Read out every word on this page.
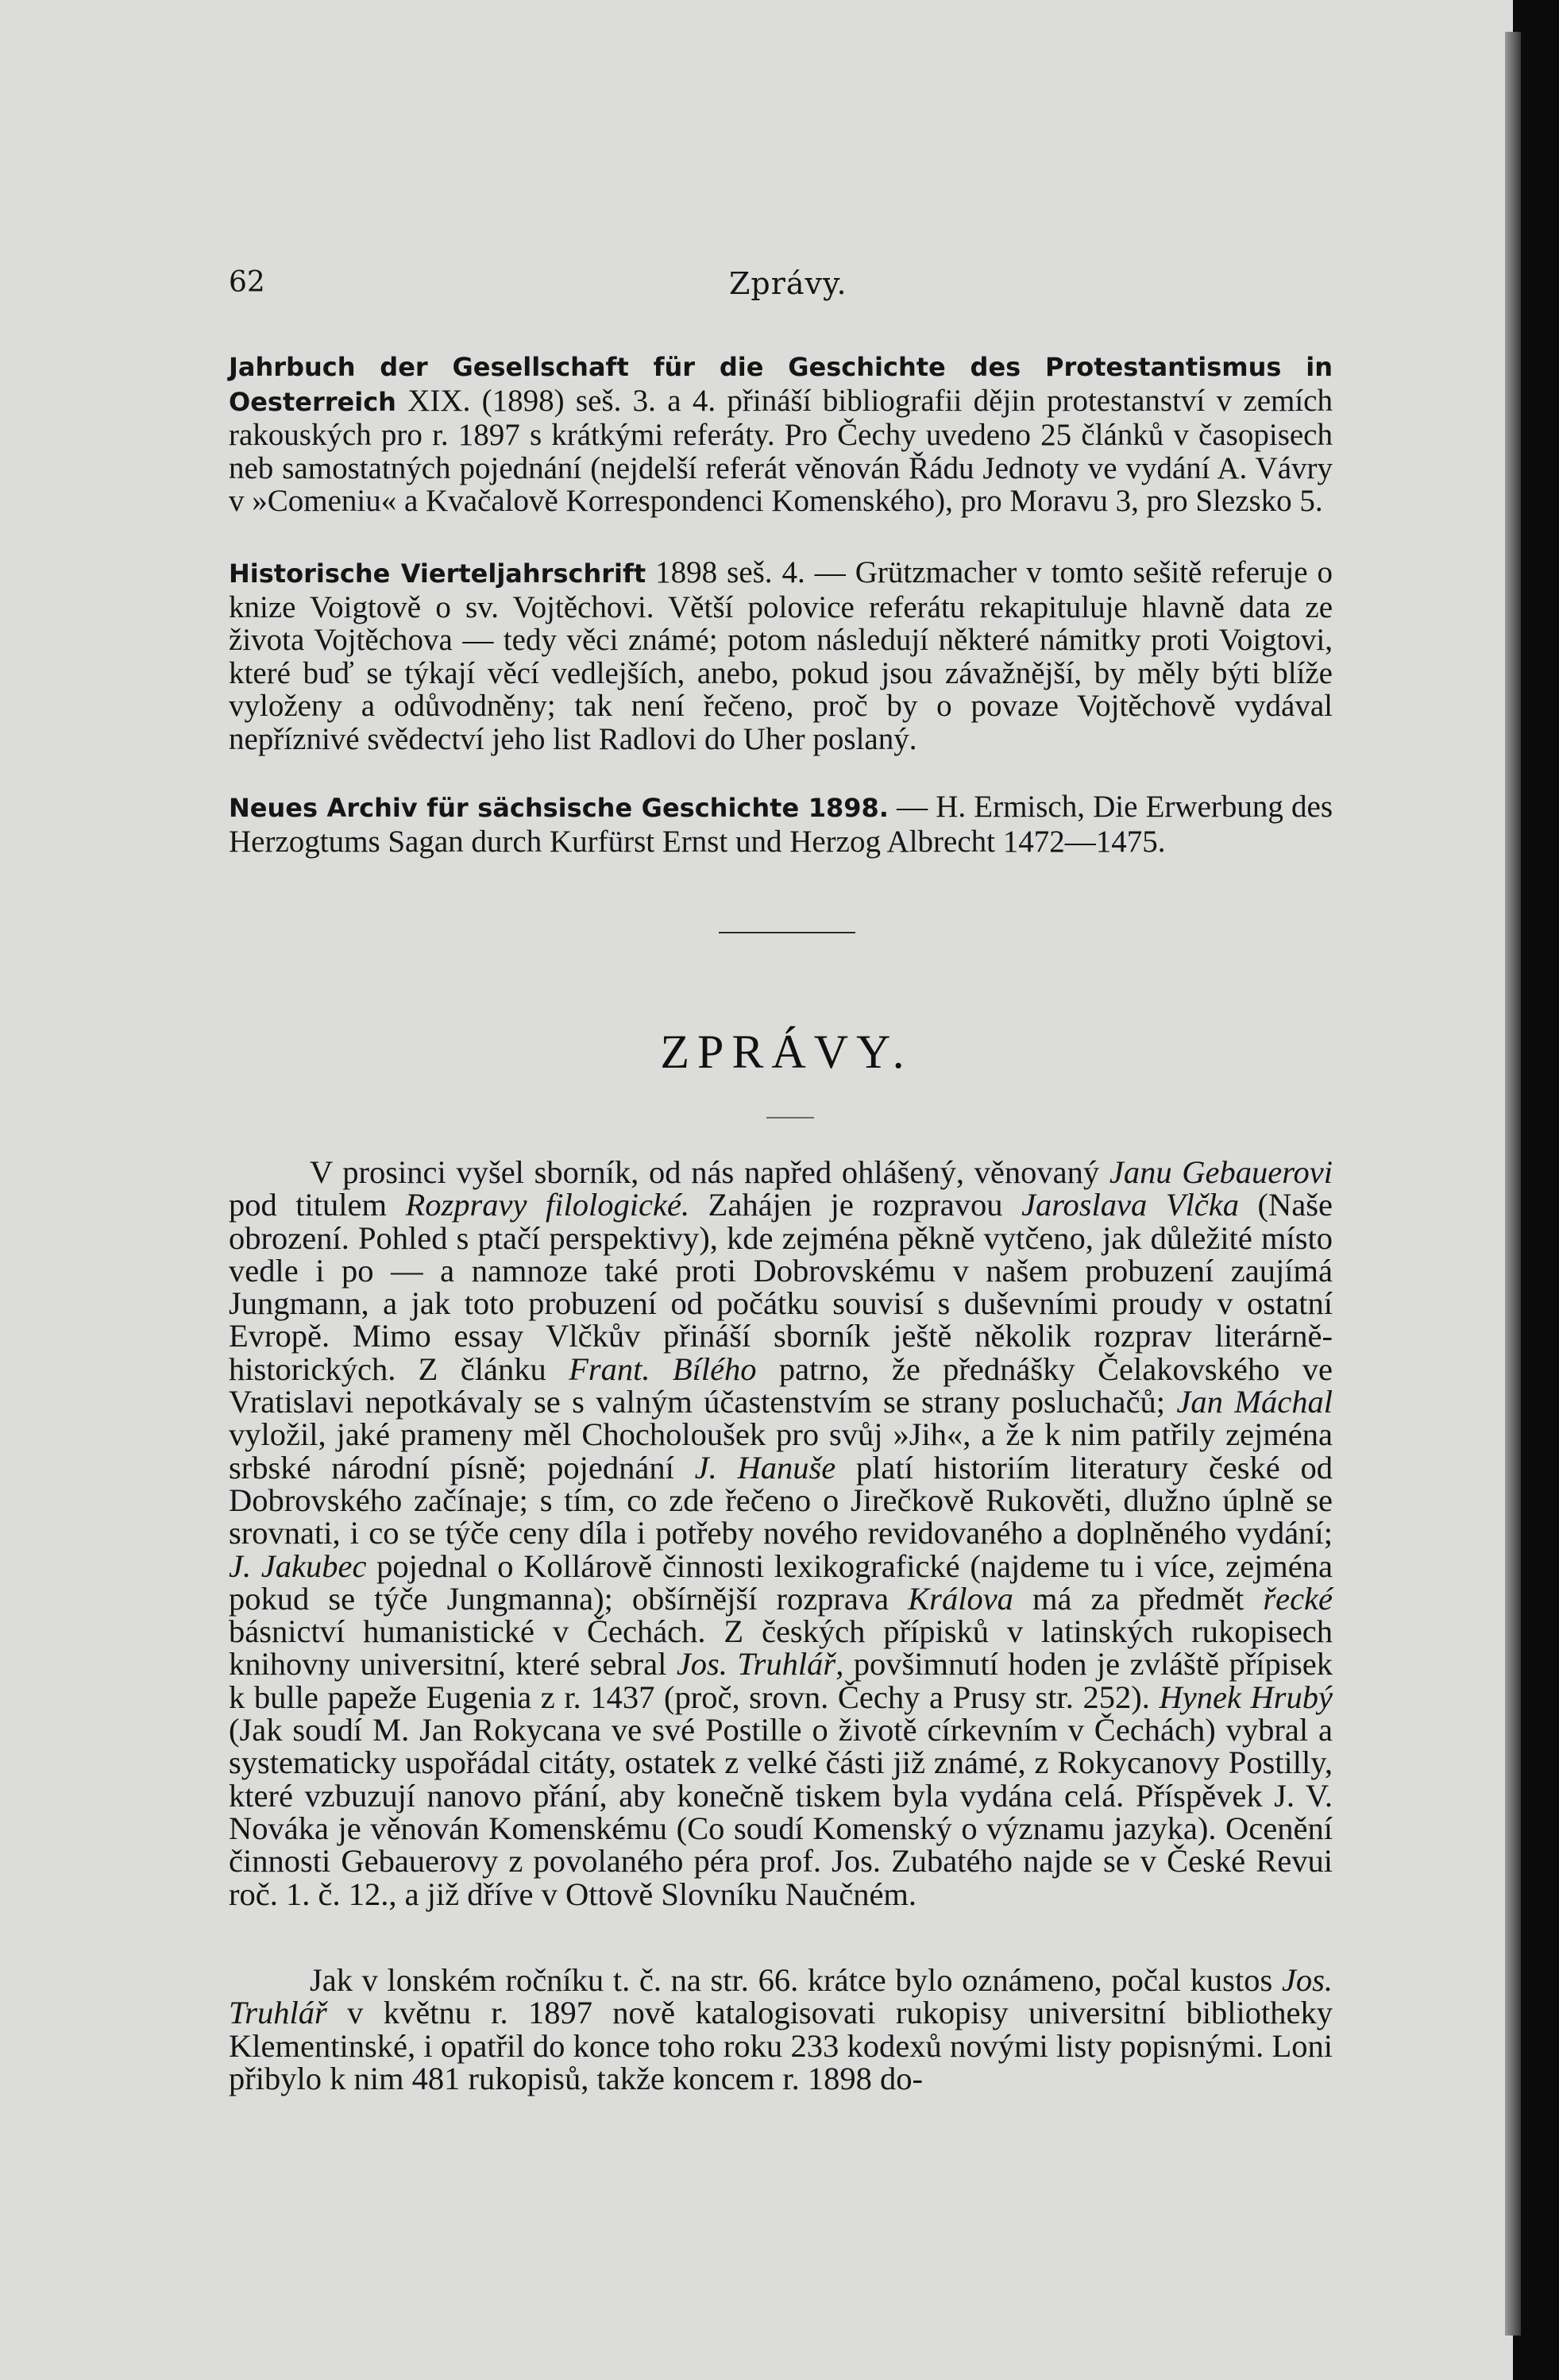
62	Zprávy.

Jahrbuch der Gesellschaft für die Geschichte des Protestantismus in Oesterreich XIX. (1898) seš. 3. a 4. přináší bibliografii dějin protestanství v zemích rakouských pro r. 1897 s krátkými referáty. Pro Čechy uvedeno 25 článků v časopisech neb samostatných pojednání (nejdelší referát věnován Řádu Jednoty ve vydání A. Vávry v »Comeniu« a Kvačalově Korrespondenci Komenského), pro Moravu 3, pro Slezsko 5.

Historische Vierteljahrschrift 1898 seš. 4. — Grützmacher v tomto sešitě referuje o knize Voigtově o sv. Vojtěchovi. Větší polovice referátu rekapituluje hlavně data ze života Vojtěchova — tedy věci známé; potom následují některé námitky proti Voigtovi, které buď se týkají věcí vedlejších, anebo, pokud jsou závažnější, by měly býti blíže vyloženy a odůvodněny; tak není řečeno, proč by o povaze Vojtěchově vydával nepříznivé svědectví jeho list Radlovi do Uher poslaný.

Neues Archiv für sächsische Geschichte 1898. — H. Ermisch, Die Erwerbung des Herzogtums Sagan durch Kurfürst Ernst und Herzog Albrecht 1472—1475.

ZPRÁVY.

V prosinci vyšel sborník, od nás napřed ohlášený, věnovaný Janu Gebauerovi pod titulem Rozpravy filologické. Zahájen je rozpravou Jaroslava Vlčka (Naše obrození. Pohled s ptačí perspektivy), kde zejména pěkně vytčeno, jak důležité místo vedle i po — a namnoze také proti Dobrovskému v našem probuzení zaujímá Jungmann, a jak toto probuzení od počátku souvisí s duševními proudy v ostatní Evropě. Mimo essay Vlčkův přináší sborník ještě několik rozprav literárně-historických. Z článku Frant. Bílého patrno, že přednášky Čelakovského ve Vratislavi nepotkávaly se s valným účastenstvím se strany posluchačů; Jan Máchal vyložil, jaké prameny měl Chocholoušek pro svůj »Jih«, a že k nim patřily zejména srbské národní písně; pojednání J. Hanuše platí historiím literatury české od Dobrovského začínaje; s tím, co zde řečeno o Jirečkově Rukověti, dlužno úplně se srovnati, i co se týče ceny díla i potřeby nového revidovaného a doplněného vydání; J. Jakubec pojednal o Kollárově činnosti lexikografické (najdeme tu i více, zejména pokud se týče Jungmanna); obšírnější rozprava Králova má za předmět řecké básnictví humanistické v Čechách. Z českých přípisků v latinských rukopisech knihovny universitní, které sebral Jos. Truhlář, povšimnutí hoden je zvláště přípisek k bulle papeže Eugenia z r. 1437 (proč, srovn. Čechy a Prusy str. 252). Hynek Hrubý (Jak soudí M. Jan Rokycana ve své Postille o životě církevním v Čechách) vybral a systematicky uspořádal citáty, ostatek z velké části již známé, z Rokycanovy Postilly, které vzbuzují nanovo přání, aby konečně tiskem byla vydána celá. Příspěvek J. V. Nováka je věnován Komenskému (Co soudí Komenský o významu jazyka). Ocenění činnosti Gebauerovy z povolaného péra prof. Jos. Zubatého najde se v České Revui roč. 1. č. 12., a již dříve v Ottově Slovníku Naučném.

Jak v lonském ročníku t. č. na str. 66. krátce bylo oznámeno, počal kustos Jos. Truhlář v květnu r. 1897 nově katalogisovati rukopisy universitní bibliotheky Klementinské, i opatřil do konce toho roku 233 kodexů novými listy popisnými. Loni přibylo k nim 481 rukopisů, takže koncem r. 1898 do-
